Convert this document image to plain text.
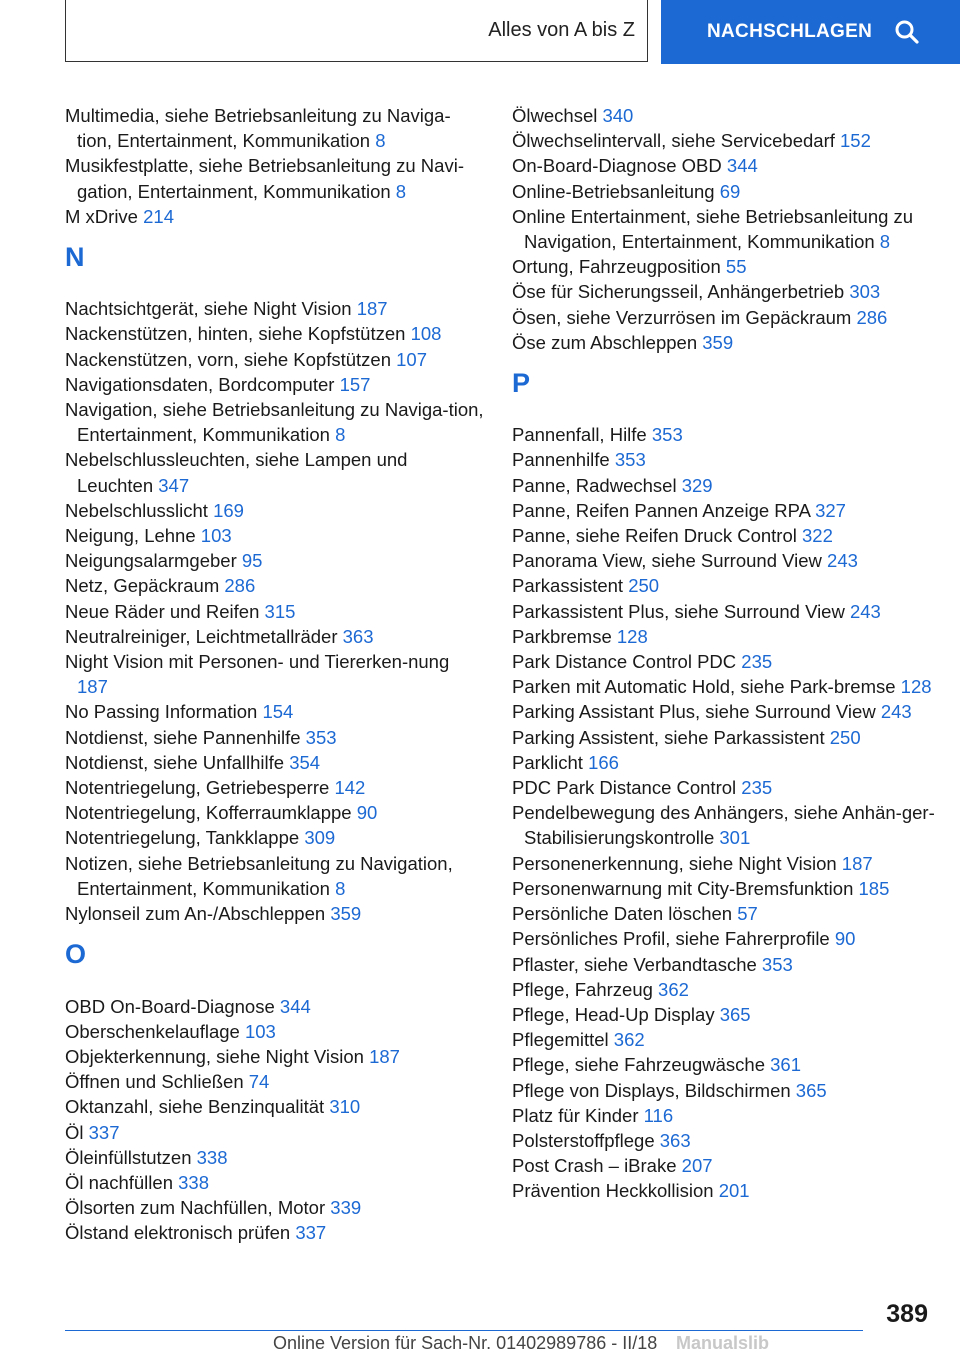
Alles von A bis Z	NACHSCHLAGEN
Multimedia, siehe Betriebsanleitung zu Naviga-tion, Entertainment, Kommunikation 8
Musikfestplatte, siehe Betriebsanleitung zu Navi-gation, Entertainment, Kommunikation 8
M xDrive 214
N
Nachtsichtgerät, siehe Night Vision 187
Nackenstützen, hinten, siehe Kopfstützen 108
Nackenstützen, vorn, siehe Kopfstützen 107
Navigationsdaten, Bordcomputer 157
Navigation, siehe Betriebsanleitung zu Naviga-tion, Entertainment, Kommunikation 8
Nebelschlussleuchten, siehe Lampen und Leuchten 347
Nebelschlusslicht 169
Neigung, Lehne 103
Neigungsalarmgeber 95
Netz, Gepäckraum 286
Neue Räder und Reifen 315
Neutralreiniger, Leichtmetallräder 363
Night Vision mit Personen- und Tiererken-nung 187
No Passing Information 154
Notdienst, siehe Pannenhilfe 353
Notdienst, siehe Unfallhilfe 354
Notentriegelung, Getriebesperre 142
Notentriegelung, Kofferraumklappe 90
Notentriegelung, Tankklappe 309
Notizen, siehe Betriebsanleitung zu Navigation, Entertainment, Kommunikation 8
Nylonseil zum An-/Abschleppen 359
O
OBD On-Board-Diagnose 344
Oberschenkelauflage 103
Objekterkennung, siehe Night Vision 187
Öffnen und Schließen 74
Oktanzahl, siehe Benzinqualität 310
Öl 337
Öleinfüllstutzen 338
Öl nachfüllen 338
Ölsorten zum Nachfüllen, Motor 339
Ölstand elektronisch prüfen 337
Ölwechsel 340
Ölwechselintervall, siehe Servicebedarf 152
On-Board-Diagnose OBD 344
Online-Betriebsanleitung 69
Online Entertainment, siehe Betriebsanleitung zu Navigation, Entertainment, Kommunikation 8
Ortung, Fahrzeugposition 55
Öse für Sicherungsseil, Anhängerbetrieb 303
Ösen, siehe Verzurrösen im Gepäckraum 286
Öse zum Abschleppen 359
P
Pannenfall, Hilfe 353
Pannenhilfe 353
Panne, Radwechsel 329
Panne, Reifen Pannen Anzeige RPA 327
Panne, siehe Reifen Druck Control 322
Panorama View, siehe Surround View 243
Parkassistent 250
Parkassistent Plus, siehe Surround View 243
Parkbremse 128
Park Distance Control PDC 235
Parken mit Automatic Hold, siehe Park-bremse 128
Parking Assistant Plus, siehe Surround View 243
Parking Assistent, siehe Parkassistent 250
Parklicht 166
PDC Park Distance Control 235
Pendelbewegung des Anhängers, siehe Anhän-ger-Stabilisierungskontrolle 301
Personenerkennung, siehe Night Vision 187
Personenwarnung mit City-Bremsfunktion 185
Persönliche Daten löschen 57
Persönliches Profil, siehe Fahrerprofile 90
Pflaster, siehe Verbandtasche 353
Pflege, Fahrzeug 362
Pflege, Head-Up Display 365
Pflegemittel 362
Pflege, siehe Fahrzeugwäsche 361
Pflege von Displays, Bildschirmen 365
Platz für Kinder 116
Polsterstoffpflege 363
Post Crash – iBrake 207
Prävention Heckkollision 201
389
Online Version für Sach-Nr. 01402989786 - II/18 Manualslib
